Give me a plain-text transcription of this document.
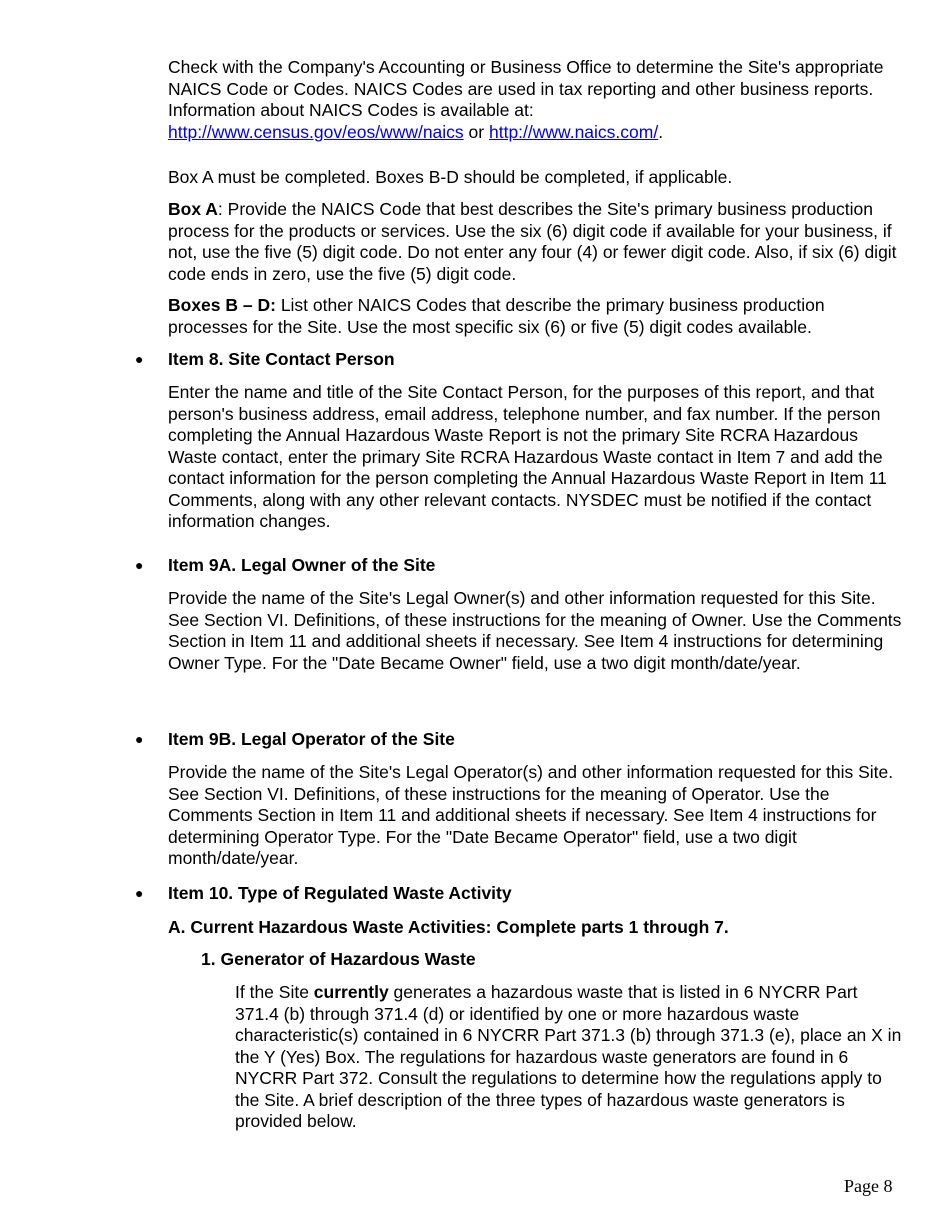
Check with the Company's Accounting or Business Office to determine the Site's appropriate NAICS Code or Codes. NAICS Codes are used in tax reporting and other business reports. Information about NAICS Codes is available at:
http://www.census.gov/eos/www/naics or http://www.naics.com/.

Box A must be completed. Boxes B-D should be completed, if applicable.

Box A: Provide the NAICS Code that best describes the Site's primary business production process for the products or services. Use the six (6) digit code if available for your business, if not, use the five (5) digit code. Do not enter any four (4) or fewer digit code. Also, if six (6) digit code ends in zero, use the five (5) digit code.

Boxes B – D: List other NAICS Codes that describe the primary business production processes for the Site. Use the most specific six (6) or five (5) digit codes available.

● Item 8. Site Contact Person

Enter the name and title of the Site Contact Person, for the purposes of this report, and that person's business address, email address, telephone number, and fax number. If the person completing the Annual Hazardous Waste Report is not the primary Site RCRA Hazardous Waste contact, enter the primary Site RCRA Hazardous Waste contact in Item 7 and add the contact information for the person completing the Annual Hazardous Waste Report in Item 11 Comments, along with any other relevant contacts. NYSDEC must be notified if the contact information changes.

● Item 9A. Legal Owner of the Site

Provide the name of the Site's Legal Owner(s) and other information requested for this Site. See Section VI. Definitions, of these instructions for the meaning of Owner. Use the Comments Section in Item 11 and additional sheets if necessary. See Item 4 instructions for determining Owner Type. For the "Date Became Owner" field, use a two digit month/date/year.

● Item 9B. Legal Operator of the Site

Provide the name of the Site's Legal Operator(s) and other information requested for this Site. See Section VI. Definitions, of these instructions for the meaning of Operator. Use the Comments Section in Item 11 and additional sheets if necessary. See Item 4 instructions for determining Operator Type. For the "Date Became Operator" field, use a two digit month/date/year.

● Item 10. Type of Regulated Waste Activity

A. Current Hazardous Waste Activities: Complete parts 1 through 7.

1. Generator of Hazardous Waste

If the Site currently generates a hazardous waste that is listed in 6 NYCRR Part 371.4 (b) through 371.4 (d) or identified by one or more hazardous waste characteristic(s) contained in 6 NYCRR Part 371.3 (b) through 371.3 (e), place an X in the Y (Yes) Box. The regulations for hazardous waste generators are found in 6 NYCRR Part 372. Consult the regulations to determine how the regulations apply to the Site. A brief description of the three types of hazardous waste generators is provided below.

Page 8
